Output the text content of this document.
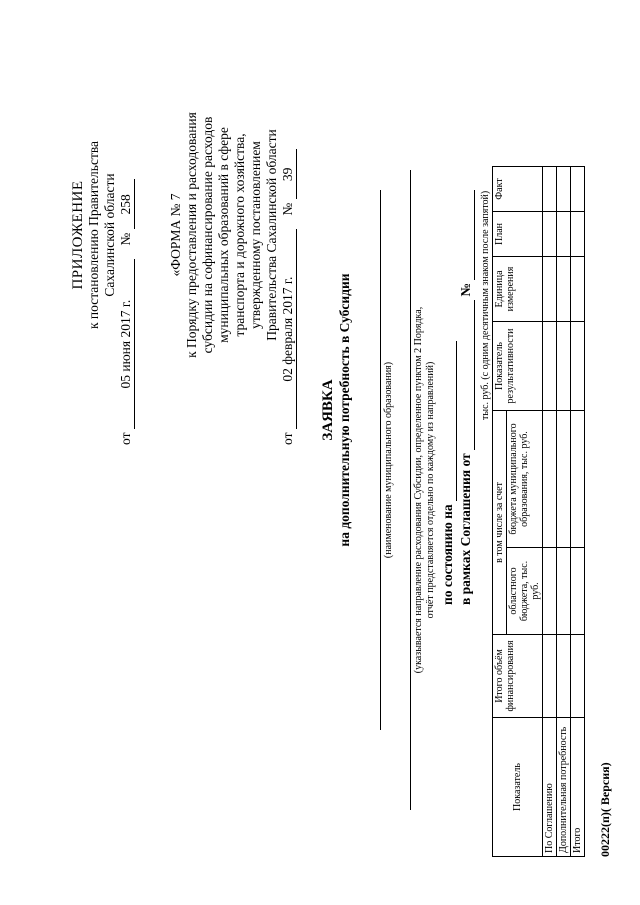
ПРИЛОЖЕНИЕ к постановлению Правительства Сахалинской области
от 05 июня 2017 г.    № 258	«ФОРМА № 7 к Порядку предоставления и расходования субсидии на софинансирование расходов муниципальных образований в сфере транспорта и дорожного хозяйства, утвержденному постановлением Правительства Сахалинской области
от 02 февраля 2017 г.    № 39
ЗАЯВКА на дополнительную потребность в Субсидии	(наименование муниципального образования) (указывается направление расходования Субсидии, определенное пунктом 2 Порядка, отчёт представляется отдельно по каждому из направлений) по состоянию на в рамках Соглашения от   № тыс. руб. (с одним десятичным знаком после запятой)
Показатель	Итого объём финансирования	в том числе за счет		Показатель результативности	Единица измерения	План	Факт
		областного бюджета, тыс. руб.	бюджета муниципального образования, тыс. руб.				
По Соглашению							
Дополнительная потребность							
Итого							00222(п)( Версия)
